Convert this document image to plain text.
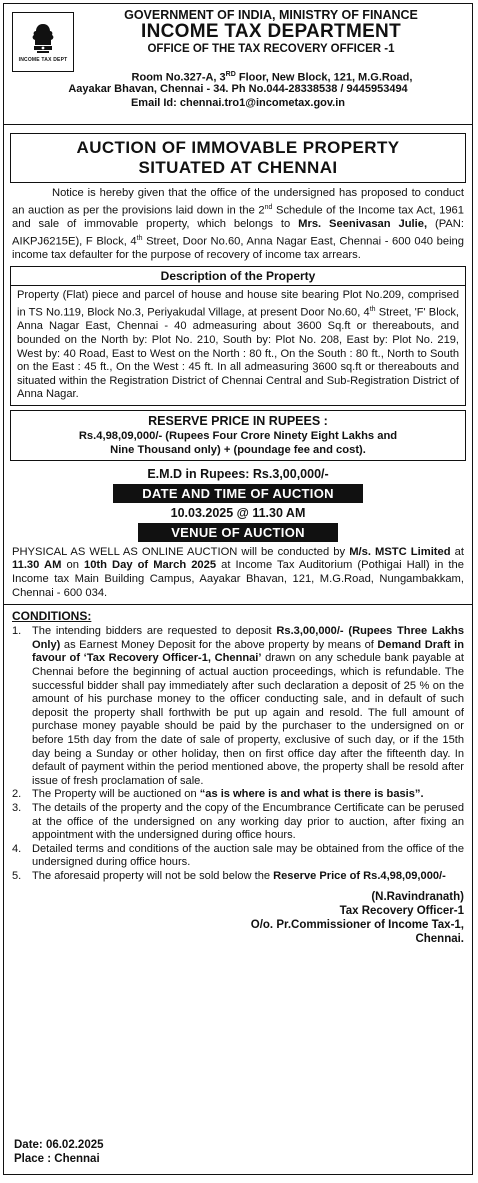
INCOME TAX DEPT
GOVERNMENT OF INDIA, MINISTRY OF FINANCE
INCOME TAX DEPARTMENT
OFFICE OF THE TAX RECOVERY OFFICER -1
Room No.327-A, 3RD Floor, New Block, 121, M.G.Road,
Aayakar Bhavan, Chennai - 34. Ph No.044-28338538 / 9445953494
Email Id: chennai.tro1@incometax.gov.in
AUCTION OF IMMOVABLE PROPERTY
SITUATED AT CHENNAI
Notice is hereby given that the office of the undersigned has proposed to conduct an auction as per the provisions laid down in the 2nd Schedule of the Income tax Act, 1961 and sale of immovable property, which belongs to Mrs. Seenivasan Julie, (PAN: AIKPJ6215E), F Block, 4th Street, Door No.60, Anna Nagar East, Chennai - 600 040 being income tax defaulter for the purpose of recovery of income tax arrears.
Description of the Property
Property (Flat) piece and parcel of house and house site bearing Plot No.209, comprised in TS No.119, Block No.3, Periyakudal Village, at present Door No.60, 4th Street, 'F' Block, Anna Nagar East, Chennai - 40 admeasuring about 3600 Sq.ft or thereabouts, and bounded on the North by: Plot No. 210, South by: Plot No. 208, East by: Plot No. 219, West by: 40 Road, East to West on the North : 80 ft., On the South : 80 ft., North to South on the East : 45 ft., On the West : 45 ft. In all admeasuring 3600 sq.ft or thereabouts and situated within the Registration District of Chennai Central and Sub-Registration District of Anna Nagar.
RESERVE PRICE IN RUPEES :
Rs.4,98,09,000/- (Rupees Four Crore Ninety Eight Lakhs and
Nine Thousand only) + (poundage fee and cost).
E.M.D in Rupees: Rs.3,00,000/-
DATE AND TIME OF AUCTION
10.03.2025 @ 11.30 AM
VENUE OF AUCTION
PHYSICAL AS WELL AS ONLINE AUCTION will be conducted by M/s. MSTC Limited at 11.30 AM on 10th Day of March 2025 at Income Tax Auditorium (Pothigai Hall) in the Income tax Main Building Campus, Aayakar Bhavan, 121, M.G.Road, Nungambakkam, Chennai - 600 034.
CONDITIONS:
1. The intending bidders are requested to deposit Rs.3,00,000/- (Rupees Three Lakhs Only) as Earnest Money Deposit for the above property by means of Demand Draft in favour of ‘Tax Recovery Officer-1, Chennai’ drawn on any schedule bank payable at Chennai before the beginning of actual auction proceedings, which is refundable. The successful bidder shall pay immediately after such declaration a deposit of 25 % on the amount of his purchase money to the officer conducting sale, and in default of such deposit the property shall forthwith be put up again and resold. The full amount of purchase money payable should be paid by the purchaser to the undersigned on or before 15th day from the date of sale of property, exclusive of such day, or if the 15th day being a Sunday or other holiday, then on first office day after the fifteenth day. In default of payment within the period mentioned above, the property shall be resold after issue of fresh proclamation of sale.
2. The Property will be auctioned on “as is where is and what is there is basis”.
3. The details of the property and the copy of the Encumbrance Certificate can be perused at the office of the undersigned on any working day prior to auction, after fixing an appointment with the undersigned during office hours.
4. Detailed terms and conditions of the auction sale may be obtained from the office of the undersigned during office hours.
5. The aforesaid property will not be sold below the Reserve Price of Rs.4,98,09,000/-
(N.Ravindranath)
Tax Recovery Officer-1
O/o. Pr.Commissioner of Income Tax-1,
Chennai.
Date: 06.02.2025
Place : Chennai
